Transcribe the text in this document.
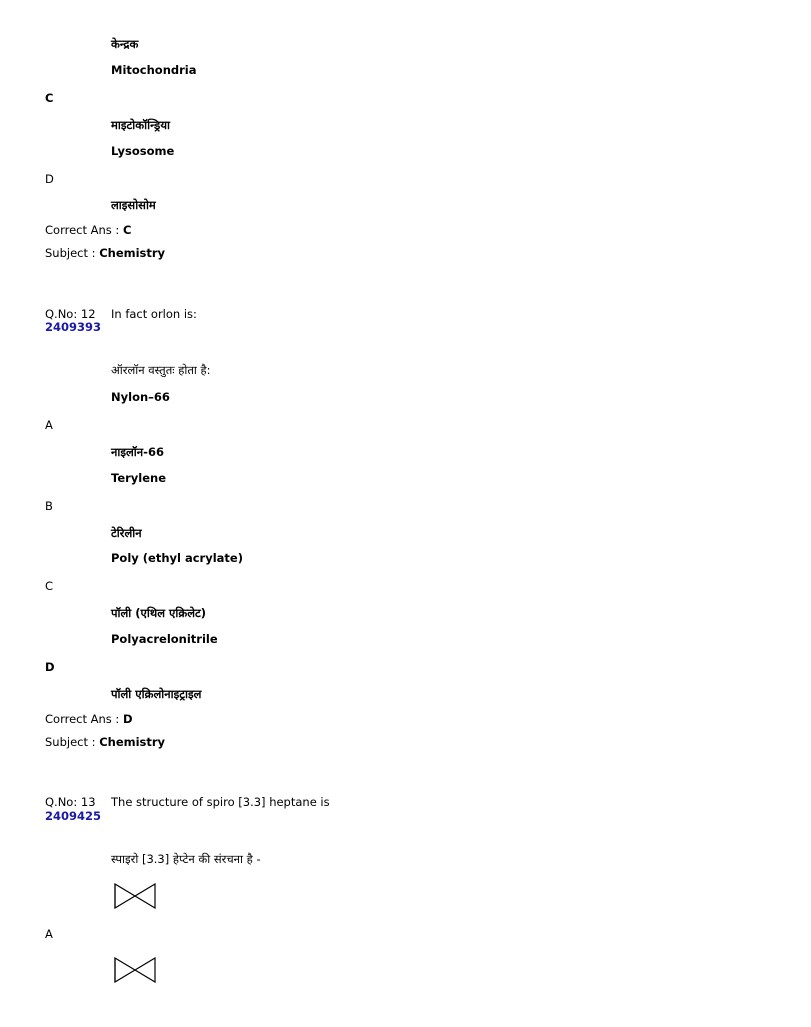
केन्द्रक
Mitochondria
C
माइटोकॉन्ड्रिया
Lysosome
D
लाइसोसोम
Correct Ans : C
Subject : Chemistry
Q.No: 12
2409393
In fact orlon is:
ऑरलॉन वस्तुतः होता है:
Nylon–66
A
नाइलॉन-66
Terylene
B
टेरिलीन
Poly (ethyl acrylate)
C
पॉली (एथिल एक्रिलेट)
Polyacrelonitrile
D
पॉली एक्रिलोनाइट्राइल
Correct Ans : D
Subject : Chemistry
Q.No: 13
2409425
The structure of spiro [3.3] heptane is
स्पाइरो [3.3] हेप्टेन की संरचना है -
A
